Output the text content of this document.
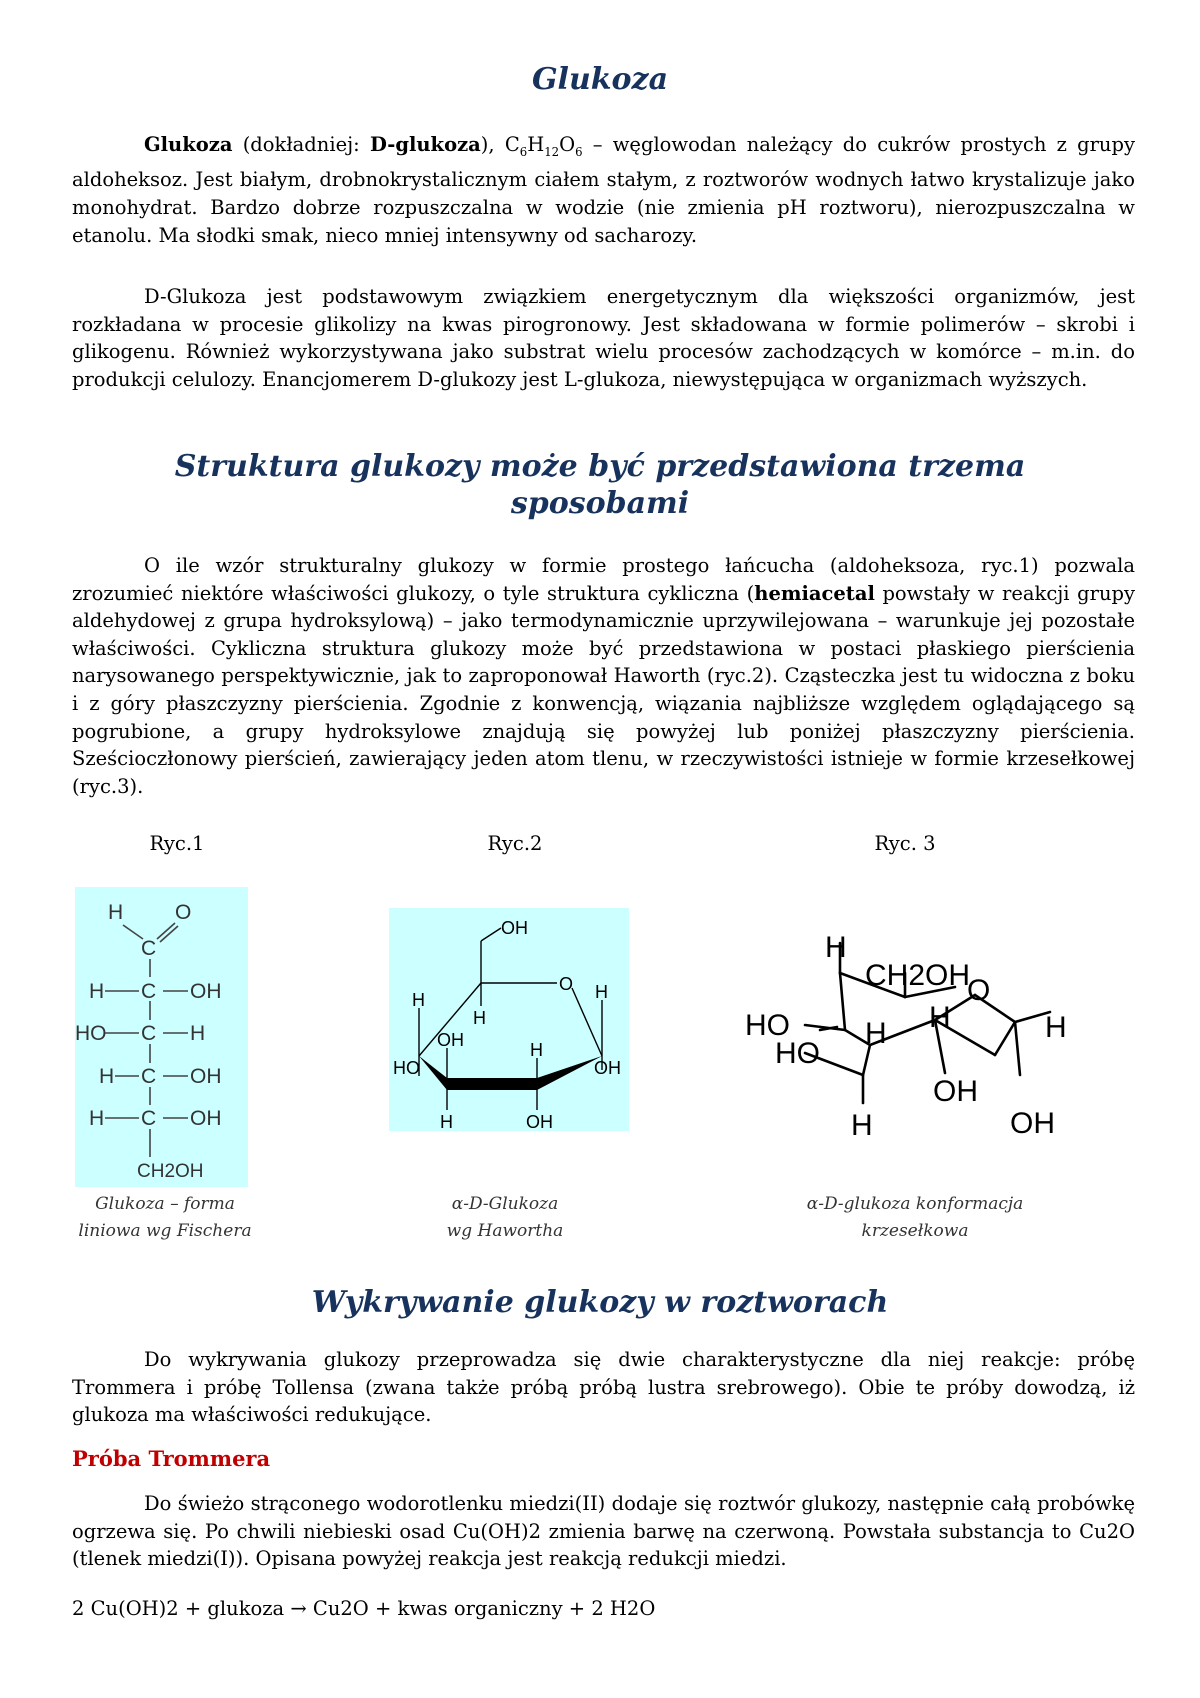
Glukoza

Glukoza (dokładniej: D-glukoza), $C_6H_{12}O_6$ – węglowodan należący do cukrów prostych z grupy aldoheksoz. Jest białym, drobnokrystalicznym ciałem stałym, z roztworów wodnych łatwo krystalizuje jako monohydrat. Bardzo dobrze rozpuszczalna w wodzie (nie zmienia pH roztworu), nierozpuszczalna w etanolu. Ma słodki smak, nieco mniej intensywny od sacharozy.

D-Glukoza jest podstawowym związkiem energetycznym dla większości organizmów, jest rozkładana w procesie glikolizy na kwas pirogronowy. Jest składowana w formie polimerów – skrobi i glikogenu. Również wykorzystywana jako substrat wielu procesów zachodzących w komórce – m.in. do produkcji celulozy. Enancjomerem D-glukozy jest L-glukoza, niewystępująca w organizmach wyższych.

Struktura glukozy może być przedstawiona trzema
sposobami

O ile wzór strukturalny glukozy w formie prostego łańcucha (aldoheksoza, ryc.1) pozwala zrozumieć niektóre właściwości glukozy, o tyle struktura cykliczna (hemiacetal powstały w reakcji grupy aldehydowej z grupa hydroksylową) – jako termodynamicznie uprzywilejowana – warunkuje jej pozostałe właściwości. Cykliczna struktura glukozy może być przedstawiona w postaci płaskiego pierścienia narysowanego perspektywicznie, jak to zaproponował Haworth (ryc.2). Cząsteczka jest tu widoczna z boku i z góry płaszczyzny pierścienia. Zgodnie z konwencją, wiązania najbliższe względem oglądającego są pogrubione, a grupy hydroksylowe znajdują się powyżej lub poniżej płaszczyzny pierścienia. Sześcioczłonowy pierścień, zawierający jeden atom tlenu, w rzeczywistości istnieje w formie krzesełkowej (ryc.3).

Ryc.1	Ryc.2	Ryc. 3
H O
C
H C OH
HO C H
H C OH
H C OH
CH2OH
OH
O
H
H
OH	H
H
HO	OH
H	OH
H
CH2OH
O
HO
HO
H H	H
OH
OH
H
Glukoza – forma
liniowa wg Fischera
α-D-Glukoza
wg Hawortha
α-D-glukoza konformacja
krzesełkowa
Wykrywanie glukozy w roztworach

Do wykrywania glukozy przeprowadza się dwie charakterystyczne dla niej reakcje: próbę Trommera i próbę Tollensa (zwana także próbą próbą lustra srebrowego). Obie te próby dowodzą, iż glukoza ma właściwości redukujące.

Próba Trommera

Do świeżo strąconego wodorotlenku miedzi(II) dodaje się roztwór glukozy, następnie całą probówkę ogrzewa się. Po chwili niebieski osad Cu(OH)2 zmienia barwę na czerwoną. Powstała substancja to Cu2O (tlenek miedzi(I)). Opisana powyżej reakcja jest reakcją redukcji miedzi.

2 Cu(OH)2 + glukoza → Cu2O + kwas organiczny + 2 H2O
